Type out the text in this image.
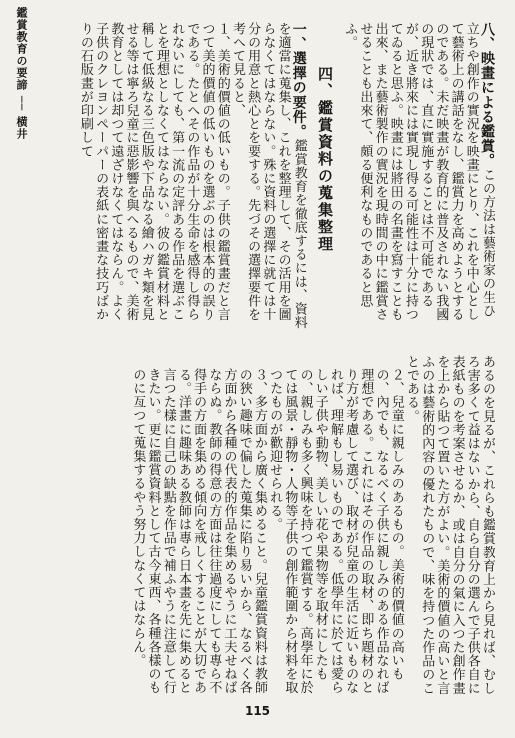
鑑賞教育の要諦 ── 横井	八、映畫による鑑賞。この方法は藝術家の生ひ立ちや創作の實況を映畫にとり、これを中心として藝術上の講話をなし、鑑賞力を高めようとするのである。未だ映畫が教育的に普及されない我國の現狀では、直に實施することは不可能であるが、近き將來には實現し得る可能性は十分に持つてゐると思ふ。映畫には將田の名畫を寫すことも出來、また藝術製作の實況を現時間の中に鑑賞させることも出來て、頗る便利なものであると思ふ。

四、鑑賞資料の蒐集整理

一、選擇の要件。鑑賞教育を徹底するには、資料を適當に蒐集し、これを整理して、その活用を圖らなくてはならない。殊に資料の選擇に就ては十分の用意と熱心とを要する。先づその選擇要件を考へて見ると、

１、美術的價値の低いもの。子供の鑑賞畫だと言つて美的價値の低いものを選ぶのは根本的の誤りである。たとへその作品が十分生命を感得し得られないにしても、第一流の定評ある作品を選ぶことを理想としなくてはならない。彼の鑑賞材料と稱して低級なる三色版や下品なる繪ハガキ類を見せる等は寧ろ兒童に惡影響を與へるもので、美術教育としては却つて遠ざけなくてはならん。よく子供のクレヨンペーパーの表紙に密畫な技巧ばかりの石版畫が印刷して

あるのを見るが、これらも鑑賞教育上から見れば、むしろ害多くて益はないから、自ら自分の選んで子供各自に表紙ものを考案させるか、或は自分の氣に入つた創作畫を上から貼つて置いた方がよい。美術的價値の高いと言ふのは藝術的內容の優れたもので、味を持つた作品のことである。

２、兒童に親しみのあるもの。美術的價値の高いもの、內でも、なるべく子供に親しみのある作品なれば理想である。これにはその作品の取材、即ち題材のとり方が考慮して選び、取材が兒童の生活に近いものなれば、理解もし易いものである。低學年に於ては愛らしい子供や動物、美しい花や果物等を取材にしたもの、親しみも多く興味を持つて鑑賞する。高學年に於ては風景・靜物・人物等子供の創作範圍から材料を取つたものが歡迎せられる。

３、多方面から廣く集めること。兒童鑑賞資料は教師の狹い趣味で偏した蒐集に陷り易いから、なるべく各方面から各種の代表的作品を集めるやうに工夫せねばならぬ。教師の得意の方面は往往過度にしても專ら不得手の方面を集める傾向を戒しくすることが大切である。洋畫に趣味ある教師は專ら日本畫を先に集めると言つた樣に自己の缺點を作品で補ふやうに注意して行きたい。更に鑑賞資料として古今東西、各種各樣のものに亙つて蒐集するやう努力しなくてはならん。

115
